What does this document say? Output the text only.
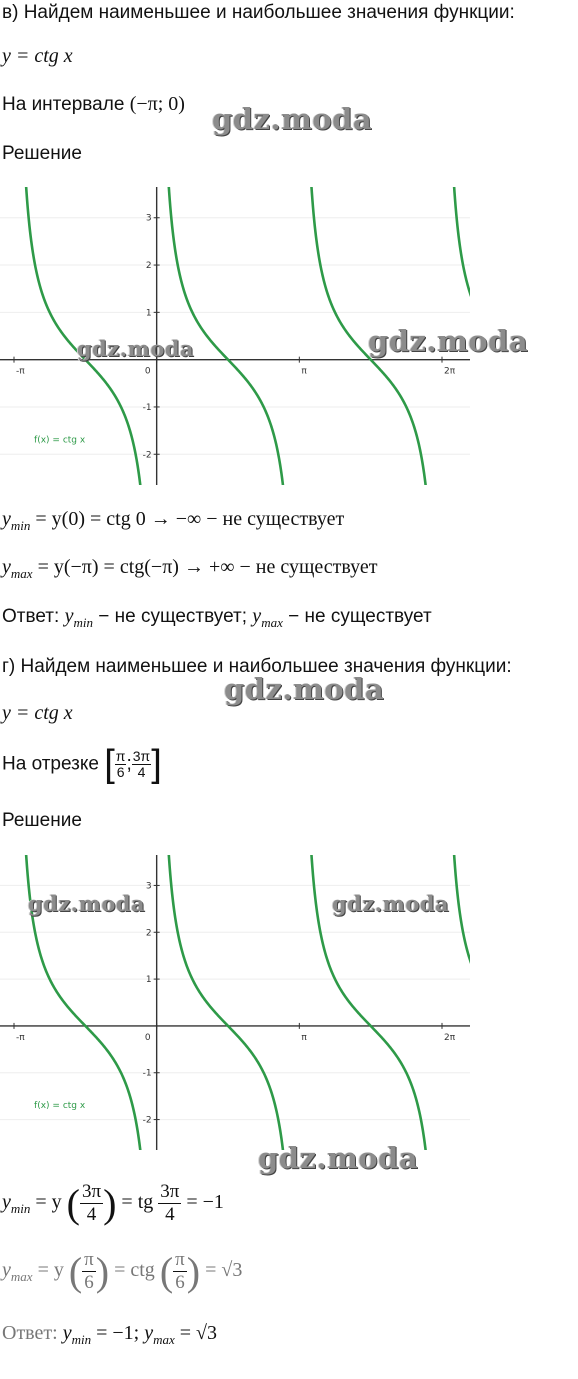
в) Найдем наименьшее и наибольшее значения функции:
y = ctg x
На интервале (−π; 0) gdz.moda
Решение
-π	0	π	2π
3
2
1
-1
-2
f(x) = ctg x
gdz.moda	gdz.moda
$y_{min} = y(0)$ = ctg 0 → −∞ − не существует
$y_{max} = y(-\pi) = ctg(-\pi)$ → +∞ − не существует
Ответ: $y_{min}$ − не существует; $y_{max}$ − не существует
г) Найдем наименьшее и наибольшее значения функции:
gdz.moda
y = ctg x
На отрезке [ $\frac{\pi}{6}$ ; $\frac{3\pi}{4}$ ]
Решение
-π	0	π	2π
3
2
1
-1
-2
f(x) = ctg x
gdz.moda	gdz.moda
gdz.moda
$y_{min} = y$ ( $\frac{3\pi}{4}$ ) = tg $\frac{3\pi}{4} = -1$
$y_{max} = y$ ( $\frac{\pi}{6}$ ) = ctg ( $\frac{\pi}{6}$ ) = √3
Ответ: $y_{min} = -1$; $y_{max} = √3$
